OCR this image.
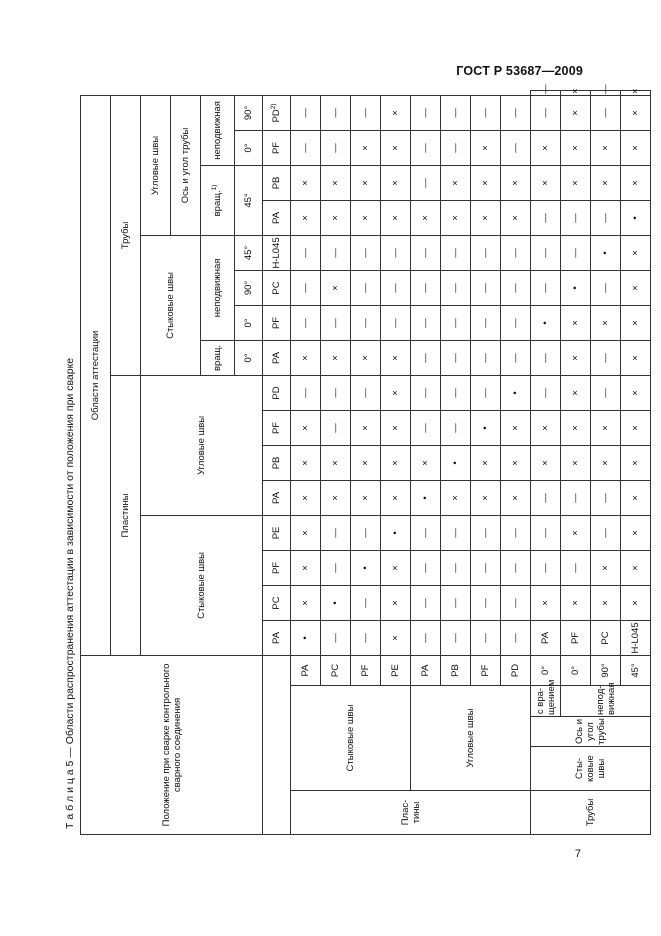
ГОСТ Р 53687—2009
Т а б л и ц а 5 — Области распространения аттестации в зависимости от положения при сварке	Положение при сварке контрольного сварного соединения					Области аттестации																
					Пластины								Трубы								
					Стыковые швы				Угловые швы				Стыковые швы				Угловые швы				
																	Ось и угол трубы				
													вращ.	неподвижная			вращ.$^{1)}$		неподвижная		
													0°	0°	90°	45°	45°		0°	90°	
					PA	PC	PF	PE	PA	PB	PF	PD	PA	PF	PC	H-L045	PA	PB	PF	PD$^{2)}$
Плас-тины	Стыковые швы			PA	•	×	×	×	×	×	×	—	×	—	—	—	×	×	—	—	
				PC	—	•	—	—	×	×	—	—	×	—	×	—	×	×	—	—	
				PF	—	—	•	—	×	×	×	—	×	—	—	—	×	×	×	—	
				PE	×	×	×	•	×	×	×	×	×	—	—	—	×	×	×	×	
	Угловые швы			PA	—	—	—	—	•	×	—	—	—	—	—	—	×	—	—	—	
				PB	—	—	—	—	×	•	—	—	—	—	—	—	×	×	—	—	
				PF	—	—	—	—	×	×	•	—	—	—	—	—	×	×	×	—	
				PD	—	—	—	—	×	×	×	•	—	—	—	—	×	×	—	—	
Трубы	Сты-ковые швы	Ось и угол трубы	с вра-щением	0°	PA	×	—	—	—	×	×	—	—	•	—	—	—	×	×	—	—
			непод-вижная	0°	PF	×	—	×	—	×	×	×	×	×	•	—	—	×	×	×	×
				90°	PC	×	×	—	—	×	×	—	—	×	—	•	—	×	×	—	—
				45°	H-L045	×	×	×	×	×	×	×	×	×	×	×	•	×	×	×	×
7
